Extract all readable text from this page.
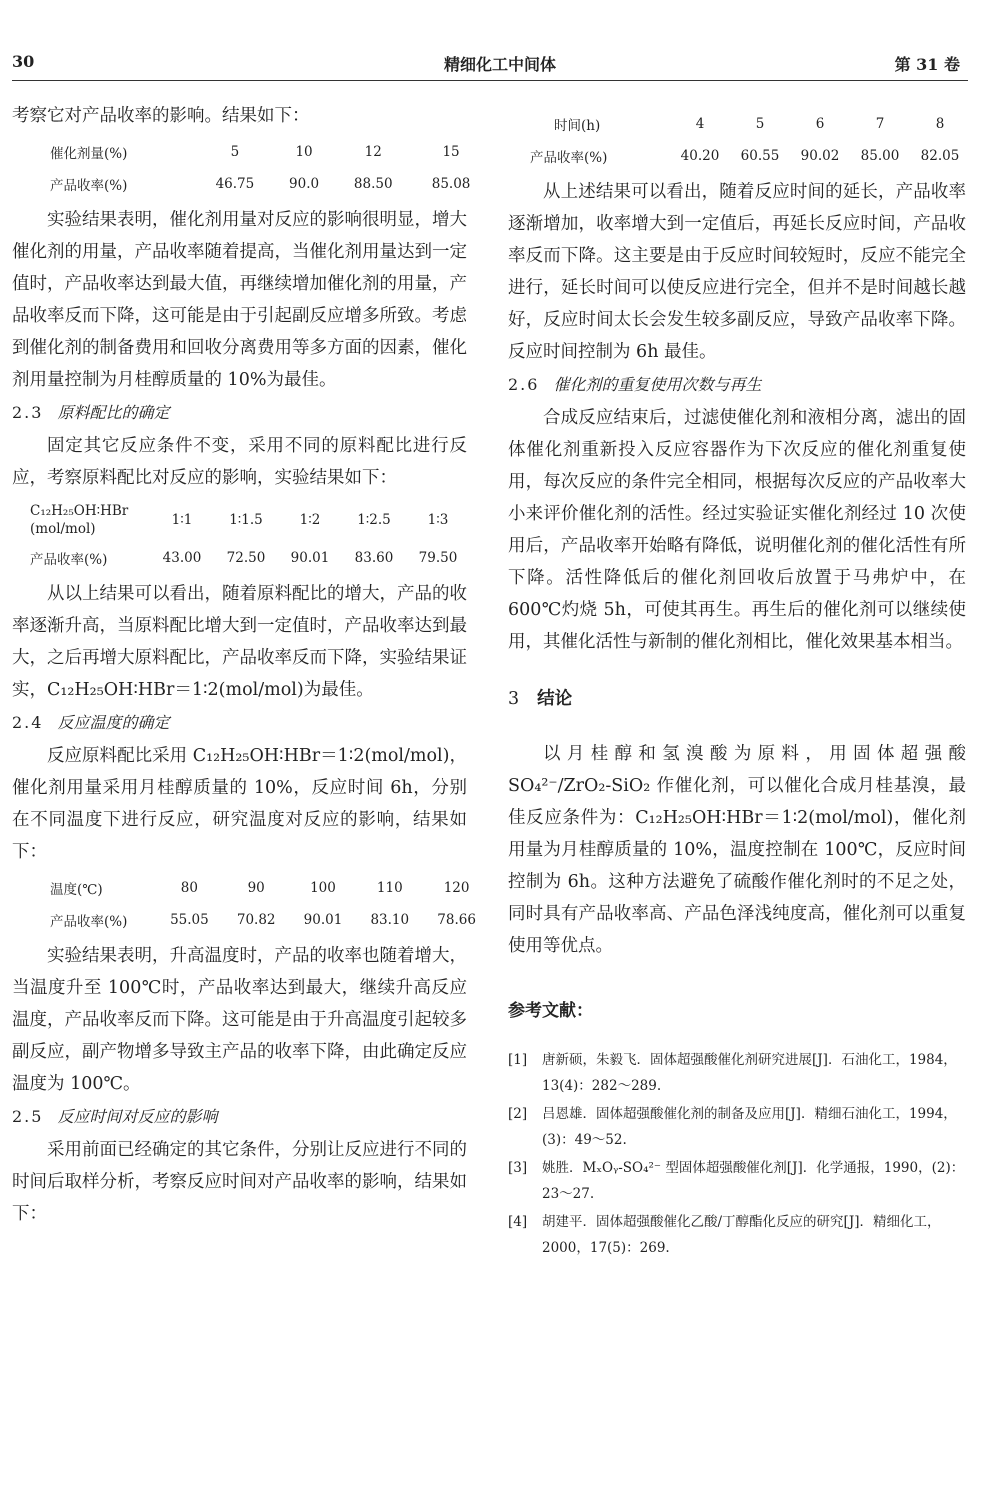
30	精细化工中间体	第 31 卷

考察它对产品收率的影响。结果如下：

催化剂量(%)	5	10	12	15
产品收率(%)	46.75	90.0	88.50	85.08

实验结果表明，催化剂用量对反应的影响很明显，增大催化剂的用量，产品收率随着提高，当催化剂用量达到一定值时，产品收率达到最大值，再继续增加催化剂的用量，产品收率反而下降，这可能是由于引起副反应增多所致。考虑到催化剂的制备费用和回收分离费用等多方面的因素，催化剂用量控制为月桂醇质量的 10%为最佳。

2.3 原料配比的确定

固定其它反应条件不变，采用不同的原料配比进行反应，考察原料配比对反应的影响，实验结果如下：

C₁₂H₂₅OH∶HBr
(mol/mol)	1∶1	1∶1.5	1∶2	1∶2.5	1∶3
产品收率(%)	43.00	72.50	90.01	83.60	79.50

从以上结果可以看出，随着原料配比的增大，产品的收率逐渐升高，当原料配比增大到一定值时，产品收率达到最大，之后再增大原料配比，产品收率反而下降，实验结果证实，C₁₂H₂₅OH∶HBr＝1∶2(mol/mol)为最佳。

2.4 反应温度的确定

反应原料配比采用 C₁₂H₂₅OH∶HBr＝1∶2(mol/mol)，催化剂用量采用月桂醇质量的 10%，反应时间 6h，分别在不同温度下进行反应，研究温度对反应的影响，结果如下：

温度(℃)	80	90	100	110	120
产品收率(%)	55.05	70.82	90.01	83.10	78.66

实验结果表明，升高温度时，产品的收率也随着增大，当温度升至 100℃时，产品收率达到最大，继续升高反应温度，产品收率反而下降。这可能是由于升高温度引起较多副反应，副产物增多导致主产品的收率下降，由此确定反应温度为 100℃。

2.5 反应时间对反应的影响

采用前面已经确定的其它条件，分别让反应进行不同的时间后取样分析，考察反应时间对产品收率的影响，结果如下：

时间(h)	4	5	6	7	8
产品收率(%)	40.20	60.55	90.02	85.00	82.05

从上述结果可以看出，随着反应时间的延长，产品收率逐渐增加，收率增大到一定值后，再延长反应时间，产品收率反而下降。这主要是由于反应时间较短时，反应不能完全进行，延长时间可以使反应进行完全，但并不是时间越长越好，反应时间太长会发生较多副反应，导致产品收率下降。反应时间控制为 6h 最佳。

2.6 催化剂的重复使用次数与再生

合成反应结束后，过滤使催化剂和液相分离，滤出的固体催化剂重新投入反应容器作为下次反应的催化剂重复使用，每次反应的条件完全相同，根据每次反应的产品收率大小来评价催化剂的活性。经过实验证实催化剂经过 10 次使用后，产品收率开始略有降低，说明催化剂的催化活性有所下降。活性降低后的催化剂回收后放置于马弗炉中，在 600℃灼烧 5h，可使其再生。再生后的催化剂可以继续使用，其催化活性与新制的催化剂相比，催化效果基本相当。

3 结论

以月桂醇和氢溴酸为原料，用固体超强酸 SO₄²⁻/ZrO₂-SiO₂ 作催化剂，可以催化合成月桂基溴，最佳反应条件为：C₁₂H₂₅OH∶HBr＝1∶2(mol/mol)，催化剂用量为月桂醇质量的 10%，温度控制在 100℃，反应时间控制为 6h。这种方法避免了硫酸作催化剂时的不足之处，同时具有产品收率高、产品色泽浅纯度高，催化剂可以重复使用等优点。

参考文献：
[1]	唐新硕，朱毅飞．固体超强酸催化剂研究进展[J]．石油化工，1984，13(4)：282～289.
[2]	吕恩雄．固体超强酸催化剂的制备及应用[J]．精细石油化工，1994，(3)：49～52.
[3]	姚胜．MₓOᵧ-SO₄²⁻ 型固体超强酸催化剂[J]．化学通报，1990，(2)：23～27.
[4]	胡建平．固体超强酸催化乙酸/丁醇酯化反应的研究[J]．精细化工，2000，17(5)：269.
